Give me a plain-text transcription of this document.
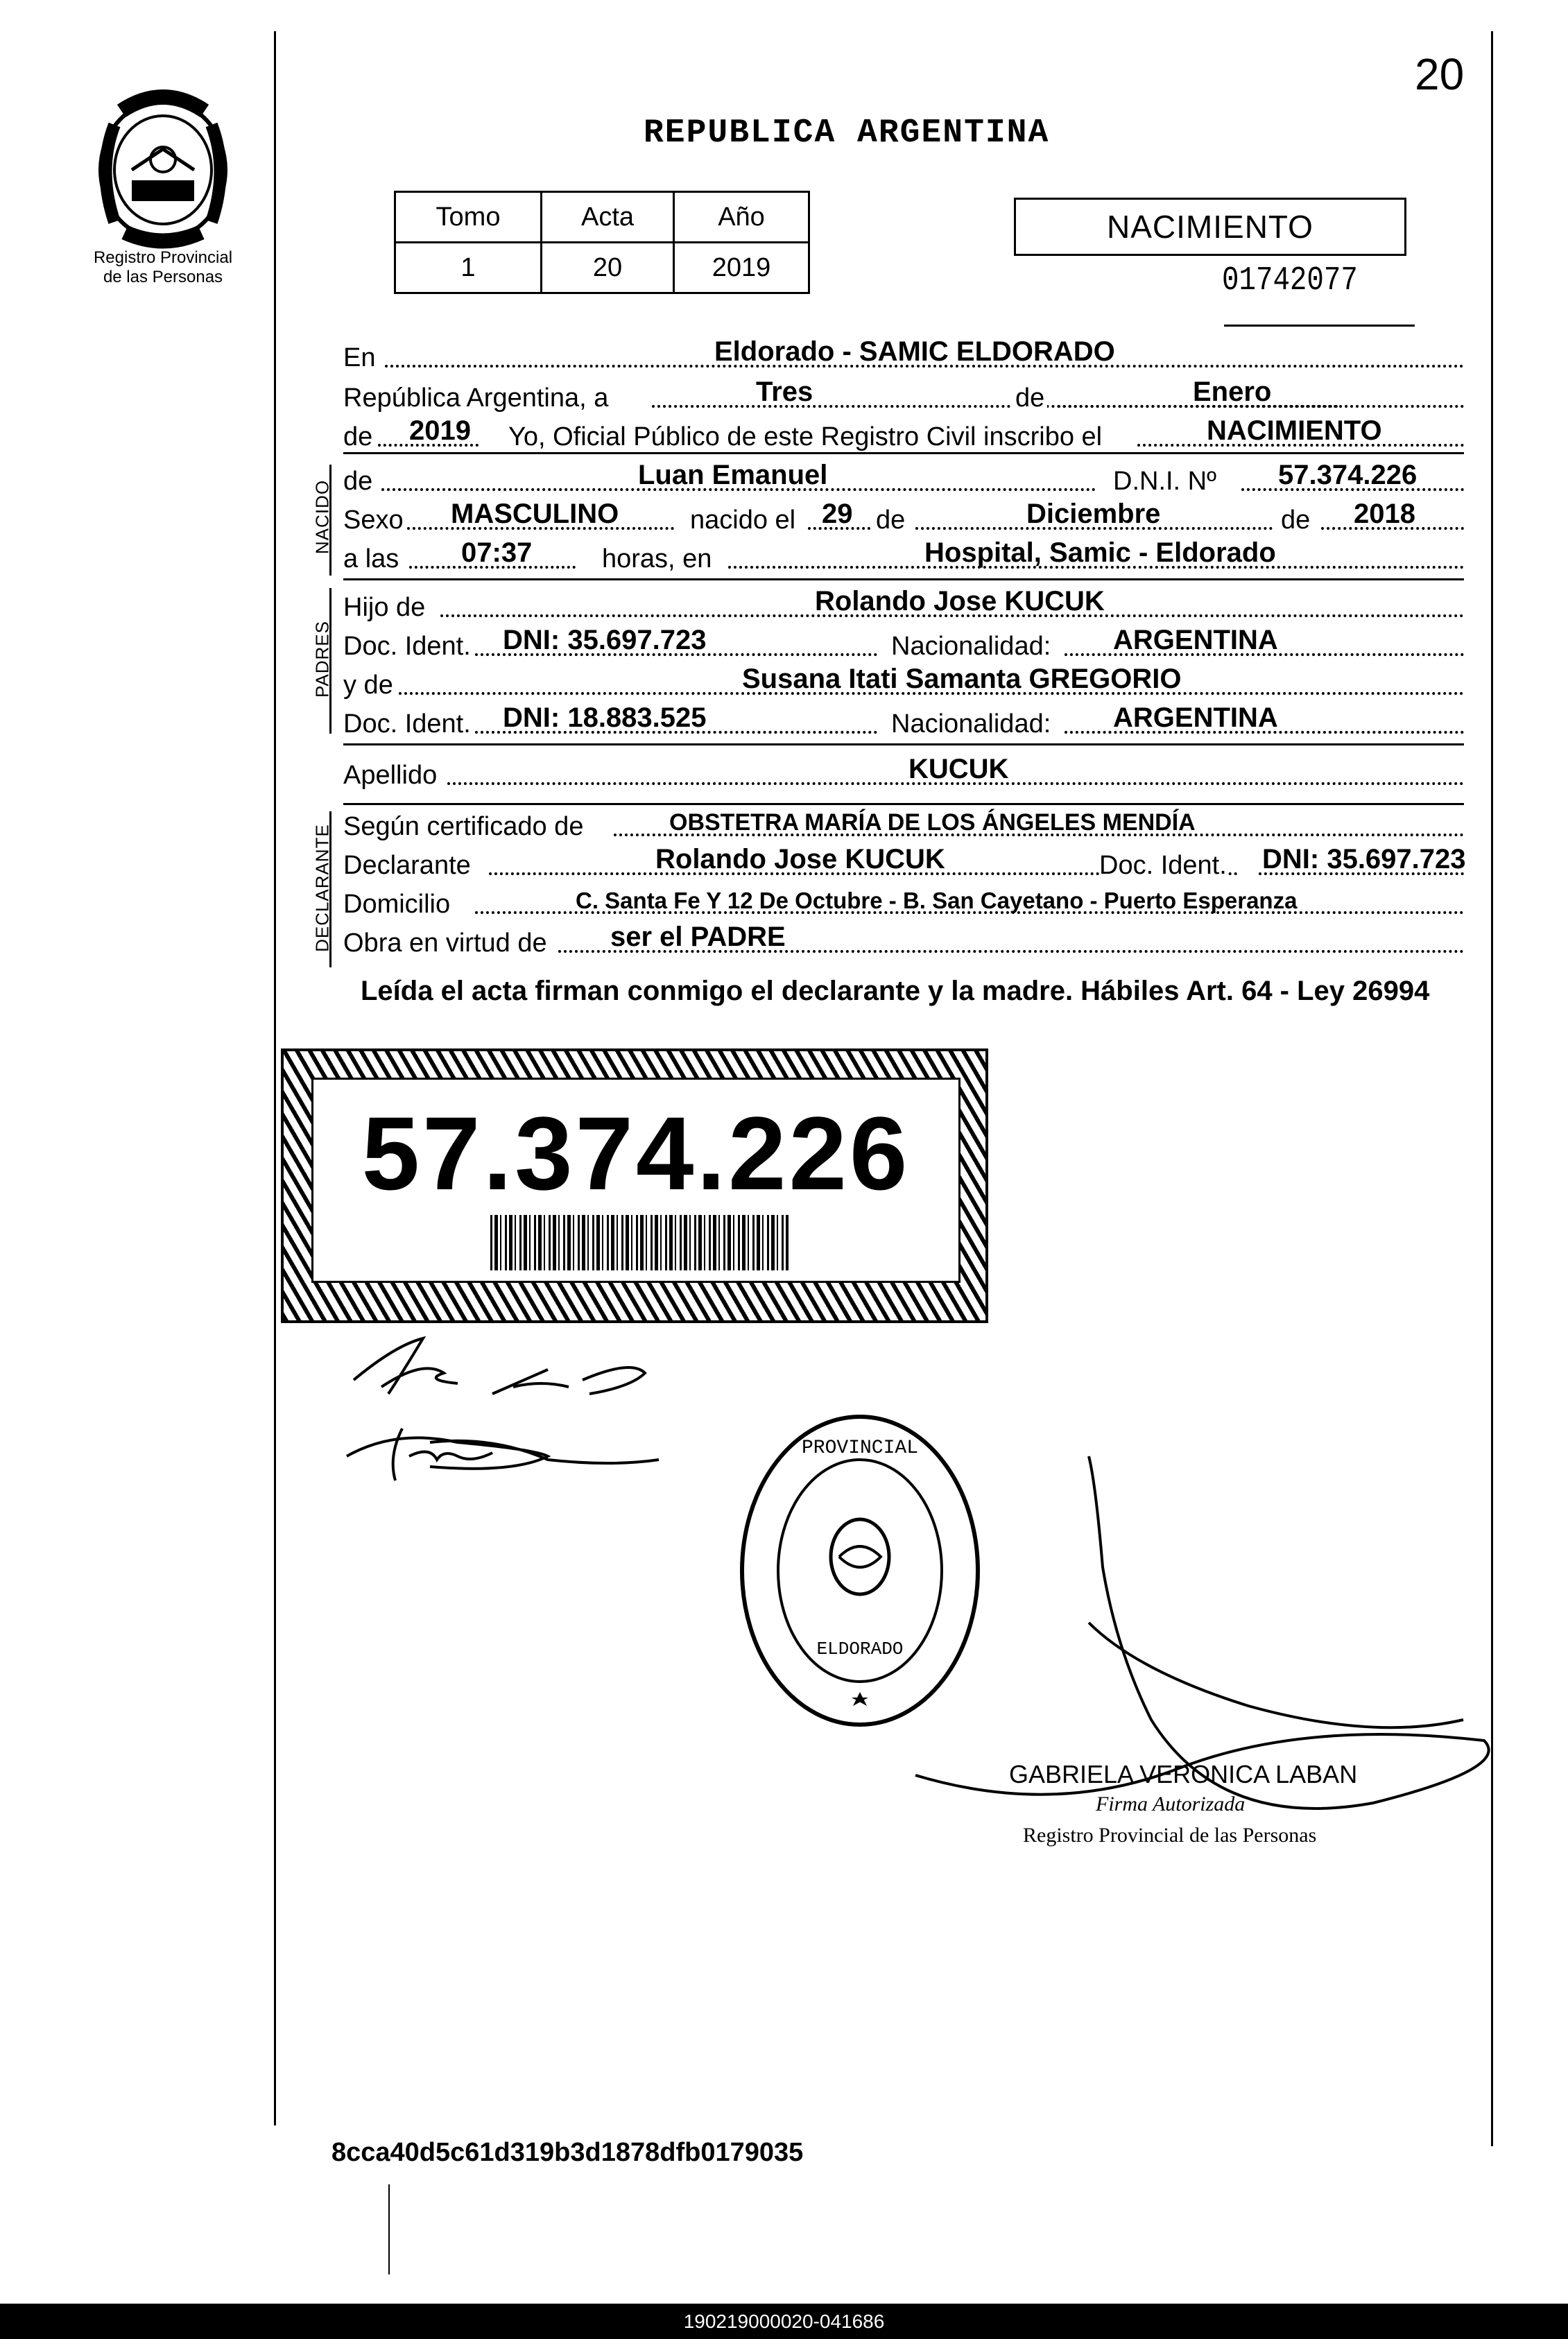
20
REPUBLICA ARGENTINA
Registro Provincial
de las Personas
Tomo	Acta	Año
1	20	2019
NACIMIENTO
01742077
En	Eldorado - SAMIC ELDORADO
República Argentina, a	Tres	de	Enero
de 2019 Yo, Oficial Público de este Registro Civil inscribo el	NACIMIENTO
NACIDO de	Luan Emanuel	D.N.I. Nº 57.374.226
Sexo MASCULINO	nacido el 29 de	Diciembre	de 2018
a las 07:37	horas, en	Hospital, Samic - Eldorado
PADRES
Hijo de	Rolando Jose KUCUK
Doc. Ident. DNI: 35.697.723	Nacionalidad: ARGENTINA
y de	Susana Itati Samanta GREGORIO
Doc. Ident. DNI: 18.883.525	Nacionalidad: ARGENTINA
Apellido	KUCUK
DECLARANTE Según certificado de	OBSTETRA MARÍA DE LOS ÁNGELES MENDÍA
Declarante	Rolando Jose KUCUK	Doc. Ident. DNI: 35.697.723
Domicilio	C. Santa Fe Y 12 De Octubre - B. San Cayetano - Puerto Esperanza
Obra en virtud de ser el PADRE
Leída el acta firman conmigo el declarante y la madre. Hábiles Art. 64 - Ley 26994
57.374.226
PROVINCIAL
ELDORADO
GABRIELA VERONICA LABAN
Firma Autorizada
Registro Provincial de las Personas
8cca40d5c61d319b3d1878dfb0179035
190219000020-041686
